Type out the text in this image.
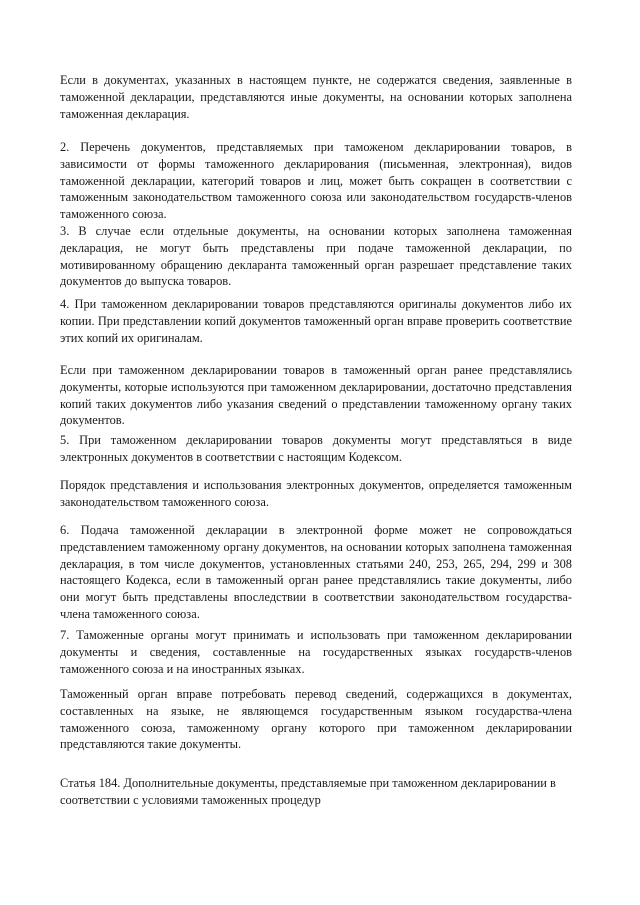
Если в документах, указанных в настоящем пункте, не содержатся сведения, заявленные в таможенной декларации, представляются иные документы, на основании которых заполнена таможенная декларация.

2. Перечень документов, представляемых при таможеном декларировании товаров, в зависимости от формы таможенного декларирования (письменная, электронная), видов таможенной декларации, категорий товаров и лиц, может быть сокращен в соответствии с таможенным законодательством таможенного союза или законодательством государств-членов таможенного союза.

3. В случае если отдельные документы, на основании которых заполнена таможенная декларация, не могут быть представлены при подаче таможенной декларации, по мотивированному обращению декларанта таможенный орган разрешает представление таких документов до выпуска товаров.

4. При таможенном декларировании товаров представляются оригиналы документов либо их копии. При представлении копий документов таможенный орган вправе проверить соответствие этих копий их оригиналам.

Если при таможенном декларировании товаров в таможенный орган ранее представлялись документы, которые используются при таможенном декларировании, достаточно представления копий таких документов либо указания сведений о представлении таможенному органу таких документов.

5. При таможенном декларировании товаров документы могут представляться в виде электронных документов в соответствии с настоящим Кодексом.

Порядок представления и использования электронных документов, определяется таможенным законодательством таможенного союза.

6. Подача таможенной декларации в электронной форме может не сопровождаться представлением таможенному органу документов, на основании которых заполнена таможенная декларация, в том числе документов, установленных статьями 240, 253, 265, 294, 299 и 308 настоящего Кодекса, если в таможенный орган ранее представлялись такие документы, либо они могут быть представлены впоследствии в соответствии законодательством государства-члена таможенного союза.

7. Таможенные органы могут принимать и использовать при таможенном декларировании документы и сведения, составленные на государственных языках государств-членов таможенного союза и на иностранных языках.

Таможенный орган вправе потребовать перевод сведений, содержащихся в документах, составленных на языке, не являющемся государственным языком государства-члена таможенного союза, таможенному органу которого при таможенном декларировании представляются такие документы.

Статья 184. Дополнительные документы, представляемые при таможенном декларировании в соответствии с условиями таможенных процедур
